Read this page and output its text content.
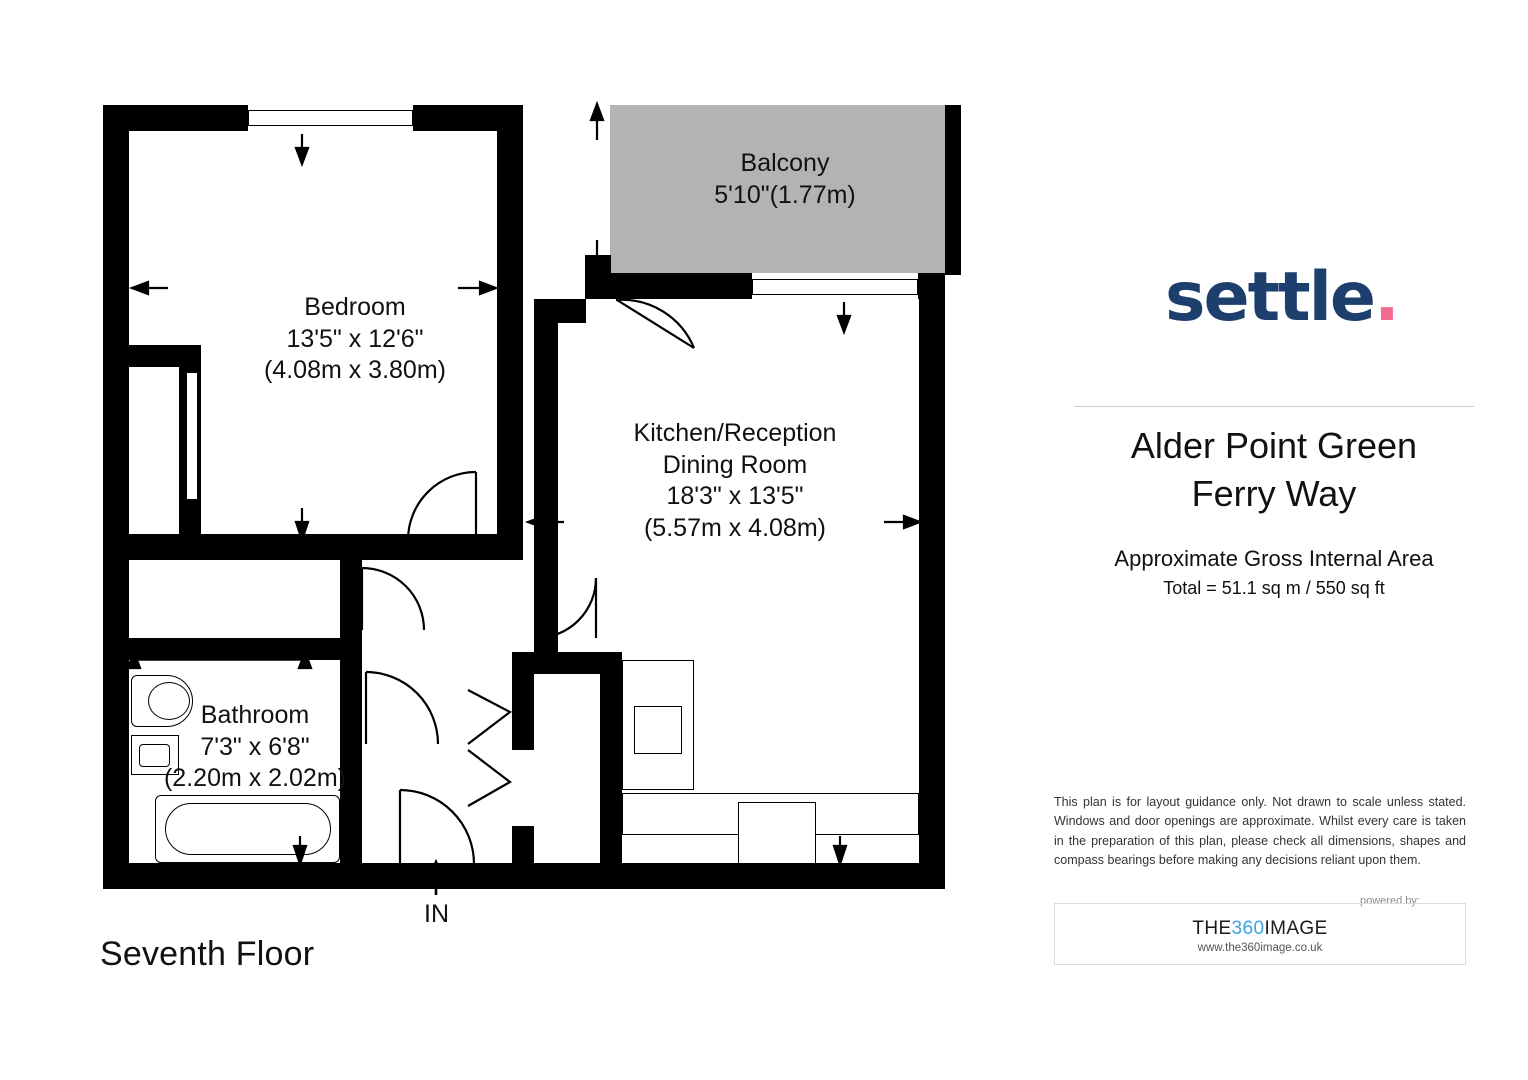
Balcony
5'10"(1.77m)
Bedroom
13'5" x 12'6"
(4.08m x 3.80m)
Kitchen/Reception
Dining Room
18'3" x 13'5"
(5.57m x 4.08m)
Bathroom
7'3" x 6'8"
(2.20m x 2.02m)
IN
Seventh Floor
settle.
Alder Point Green
Ferry Way
Approximate Gross Internal Area
Total = 51.1 sq m / 550 sq ft
This plan is for layout guidance only. Not drawn to scale unless stated. Windows and door openings are approximate. Whilst every care is taken in the preparation of this plan, please check all dimensions, shapes and compass bearings before making any decisions reliant upon them.
powered by:
THE360IMAGE
www.the360image.co.uk
